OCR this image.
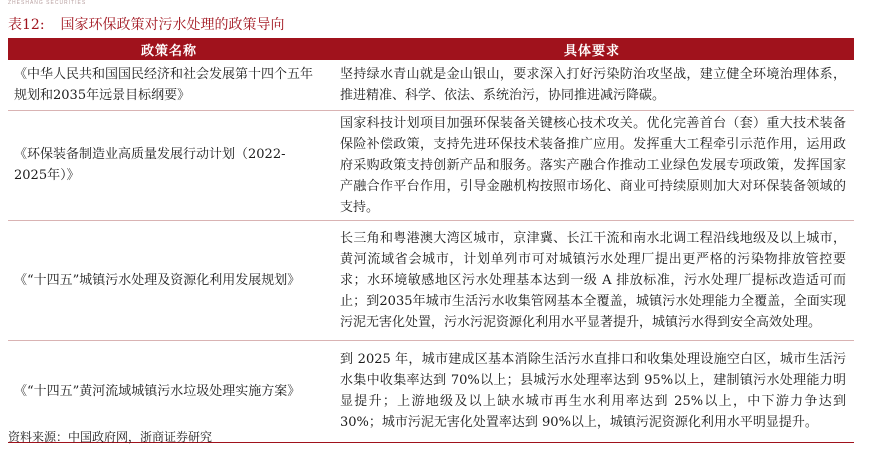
ZHESHANG SECURITIES
表12: 国家环保政策对污水处理的政策导向
政策名称	具体要求
《中华人民共和国国民经济和社会发展第十四个五年规划和2035年远景目标纲要》	坚持绿水青山就是金山银山，要求深入打好污染防治攻坚战，建立健全环境治理体系，推进精准、科学、依法、系统治污，协同推进减污降碳。
《环保装备制造业高质量发展行动计划（2022-2025年）》	国家科技计划项目加强环保装备关键核心技术攻关。优化完善首台（套）重大技术装备保险补偿政策，支持先进环保技术装备推广应用。发挥重大工程牵引示范作用，运用政府采购政策支持创新产品和服务。落实产融合作推动工业绿色发展专项政策，发挥国家产融合作平台作用，引导金融机构按照市场化、商业可持续原则加大对环保装备领域的支持。
《“十四五”城镇污水处理及资源化利用发展规划》	长三角和粤港澳大湾区城市，京津冀、长江干流和南水北调工程沿线地级及以上城市，黄河流域省会城市，计划单列市可对城镇污水处理厂提出更严格的污染物排放管控要求；水环境敏感地区污水处理基本达到一级 A 排放标准，污水处理厂提标改造适可而止；到2035年城市生活污水收集管网基本全覆盖，城镇污水处理能力全覆盖，全面实现污泥无害化处置，污水污泥资源化利用水平显著提升，城镇污水得到安全高效处理。
《“十四五”黄河流域城镇污水垃圾处理实施方案》	到 2025 年，城市建成区基本消除生活污水直排口和收集处理设施空白区，城市生活污水集中收集率达到 70%以上；县城污水处理率达到 95%以上，建制镇污水处理能力明显提升；上游地级及以上缺水城市再生水利用率达到 25%以上，中下游力争达到 30%；城市污泥无害化处置率达到 90%以上，城镇污泥资源化利用水平明显提升。
资料来源：中国政府网，浙商证券研究
